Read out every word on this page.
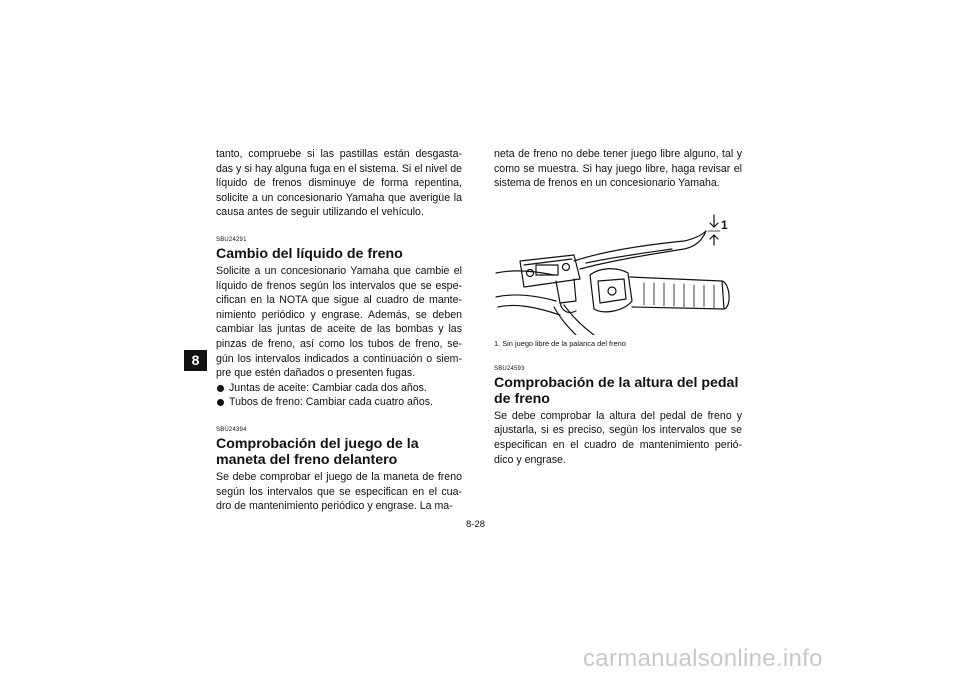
8

tanto, compruebe si las pastillas están desgasta-das y si hay alguna fuga en el sistema. Si el nivel de líquido de frenos disminuye de forma repentina, solicite a un concesionario Yamaha que averigüe la causa antes de seguir utilizando el vehículo.

SBU24291
Cambio del líquido de freno

Solicite a un concesionario Yamaha que cambie el líquido de frenos según los intervalos que se espe-cifican en la NOTA que sigue al cuadro de mante-nimiento periódico y engrase. Además, se deben cambiar las juntas de aceite de las bombas y las pinzas de freno, así como los tubos de freno, se-gún los intervalos indicados a continuación o siem-pre que estén dañados o presenten fugas.

Juntas de aceite: Cambiar cada dos años.
Tubos de freno: Cambiar cada cuatro años.
SBU24394
Comprobación del juego de la maneta del freno delantero

Se debe comprobar el juego de la maneta de freno según los intervalos que se especifican en el cua-dro de mantenimiento periódico y engrase. La ma-

neta de freno no debe tener juego libre alguno, tal y como se muestra. Si hay juego libre, haga revisar el sistema de frenos en un concesionario Yamaha.

1
1. Sin juego libre de la palanca del freno
SBU24593
Comprobación de la altura del pedal de freno

Se debe comprobar la altura del pedal de freno y ajustarla, si es preciso, según los intervalos que se especifican en el cuadro de mantenimiento perió-dico y engrase.

8-28
carmanualsonline.info
